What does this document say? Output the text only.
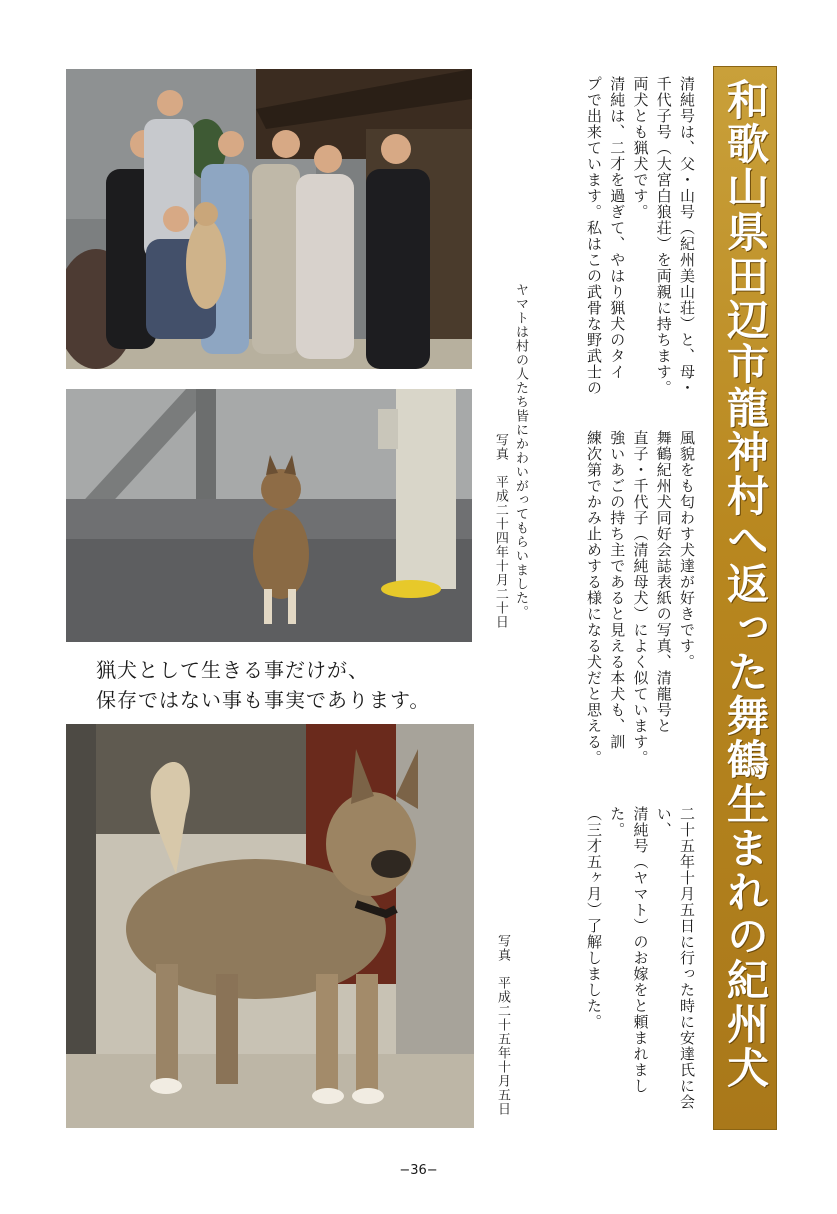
和歌山県田辺市龍神村へ返った舞鶴生まれの紀州犬
清純号は、父・山号（紀州美山荘）と、母・
千代子号（大宮白狼荘）を両親に持ちます。
両犬とも猟犬です。
清純は、二才を過ぎて、やはり猟犬のタイ
プで出来ています。私はこの武骨な野武士の
風貌をも匂わす犬達が好きです。
舞鶴紀州犬同好会誌表紙の写真、清龍号と
直子・千代子（清純母犬）によく似ています。
強いあごの持ち主であると見える本犬も、訓
練次第でかみ止めする様になる犬だと思える。
二十五年十月五日に行った時に安達氏に会い、
清純号（ヤマト）のお嫁をと頼まれました。
（三才五ヶ月）了解しました。
ヤマトは村の人たち皆にかわいがってもらいました。
写真　平成二十四年十月二十日
写真　平成二十五年十月五日
猟犬として生きる事だけが、
保存ではない事も事実であります。
−36−
